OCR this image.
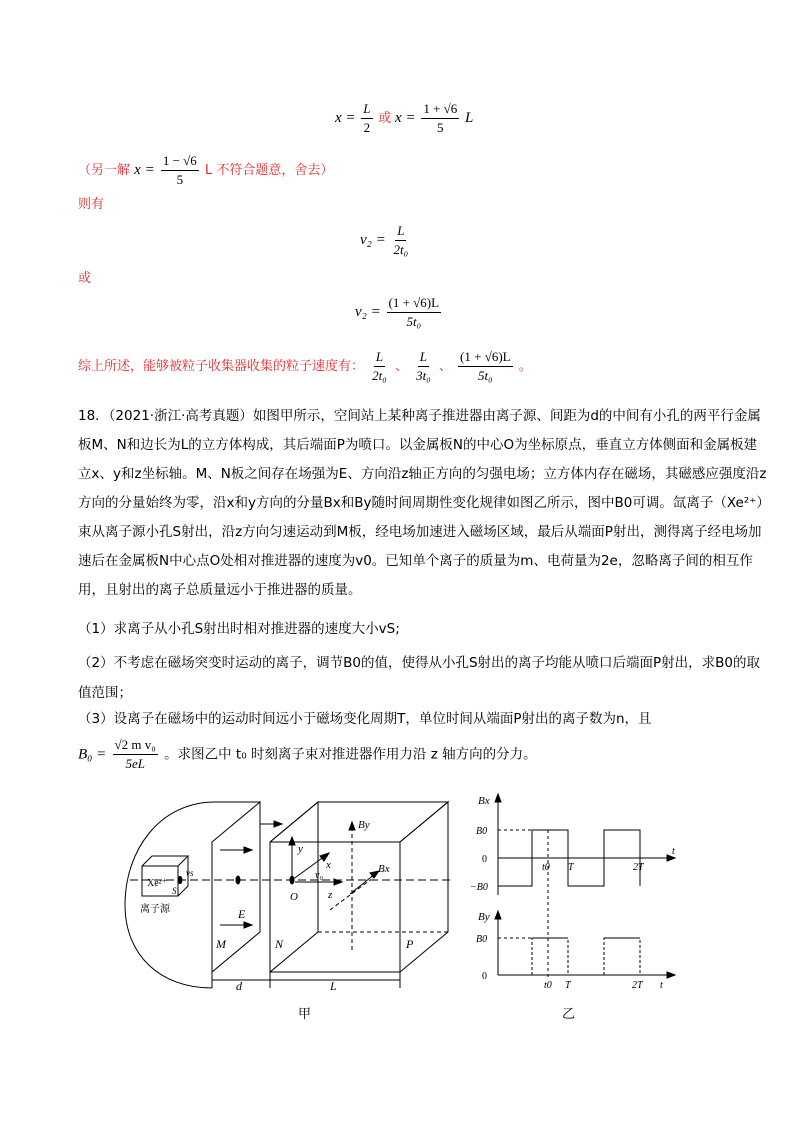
$x = \frac{L}{2}$ 或 $x = \frac{1 + √6}{5}$ L
（另一解 $x = \frac{1 - √6}{5}$ L 不符合题意，舍去）
则有
$v_2 = \frac{L}{\text{2t₀}}$
或
$v_2 = \frac{(1 + √6)L}{\text{5t₀}}$
综上所述，能够被粒子收集器收集的粒子速度有： $\frac{L}{\text{2t₀}}$ 、 $\frac{L}{\text{3t₀}}$ 、 $\frac{(1 + √6)L}{\text{5t₀}}$ 。
18．（2021·浙江·高考真题）如图甲所示，空间站上某种离子推进器由离子源、间距为d的中间有小孔的两平行金属板M、N和边长为L的立方体构成，其后端面P为喷口。以金属板N的中心O为坐标原点，垂直立方体侧面和金属板建立x、y和z坐标轴。M、N板之间存在场强为E、方向沿z轴正方向的匀强电场；立方体内存在磁场，其磁感应强度沿z方向的分量始终为零，沿x和y方向的分量Bx和By随时间周期性变化规律如图乙所示，图中B0可调。氙离子（Xe²⁺）束从离子源小孔S射出，沿z方向匀速运动到M板，经电场加速进入磁场区域，最后从端面P射出，测得离子经电场加速后在金属板N中心点O处相对推进器的速度为v0。已知单个离子的质量为m、电荷量为2e，忽略离子间的相互作用，且射出的离子总质量远小于推进器的质量。
（1）求离子从小孔S射出时相对推进器的速度大小vS;
（2）不考虑在磁场突变时运动的离子，调节B0的值，使得从小孔S射出的离子均能从喷口后端面P射出，求B0的取值范围；
（3）设离子在磁场中的运动时间远小于磁场变化周期T，单位时间从端面P射出的离子数为n，且
$B_0 = \frac{\text{√2 m v₀}}{5eL}$ 。求图乙中 t₀ 时刻离子束对推进器作用力沿 z 轴方向的分力。
Xe²⁺
离子源
S
vs
y
x
z
O
v₀
By
Bx
E
M	N	P
d	L
甲
Bx
B0
0
−B0
t0 T	2T
t
By
B0
0
t0 T	2T t
乙
